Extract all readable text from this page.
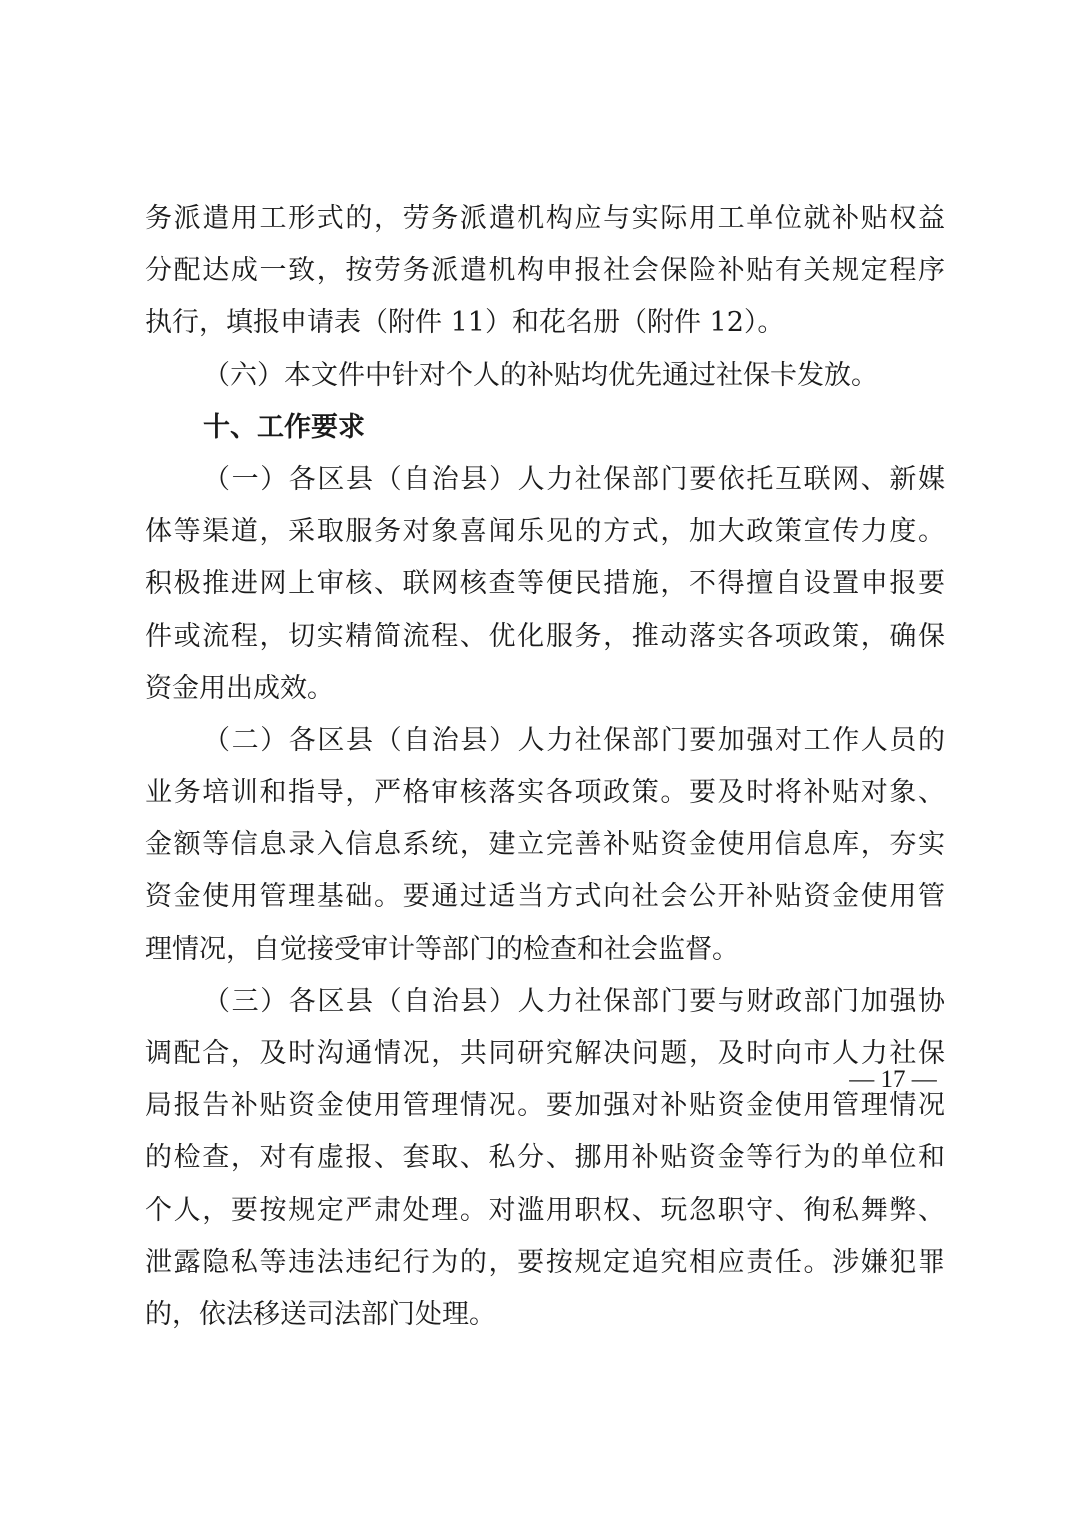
务派遣用工形式的，劳务派遣机构应与实际用工单位就补贴权益
分配达成一致，按劳务派遣机构申报社会保险补贴有关规定程序
执行，填报申请表（附件 11）和花名册（附件 12）。
（六）本文件中针对个人的补贴均优先通过社保卡发放。
十、工作要求
（一）各区县（自治县）人力社保部门要依托互联网、新媒
体等渠道，采取服务对象喜闻乐见的方式，加大政策宣传力度。
积极推进网上审核、联网核查等便民措施，不得擅自设置申报要
件或流程，切实精简流程、优化服务，推动落实各项政策，确保
资金用出成效。
（二）各区县（自治县）人力社保部门要加强对工作人员的
业务培训和指导，严格审核落实各项政策。要及时将补贴对象、
金额等信息录入信息系统，建立完善补贴资金使用信息库，夯实
资金使用管理基础。要通过适当方式向社会公开补贴资金使用管
理情况，自觉接受审计等部门的检查和社会监督。
（三）各区县（自治县）人力社保部门要与财政部门加强协
调配合，及时沟通情况，共同研究解决问题，及时向市人力社保
局报告补贴资金使用管理情况。要加强对补贴资金使用管理情况
的检查，对有虚报、套取、私分、挪用补贴资金等行为的单位和
个人，要按规定严肃处理。对滥用职权、玩忽职守、徇私舞弊、
泄露隐私等违法违纪行为的，要按规定追究相应责任。涉嫌犯罪
的，依法移送司法部门处理。
— 17 —
